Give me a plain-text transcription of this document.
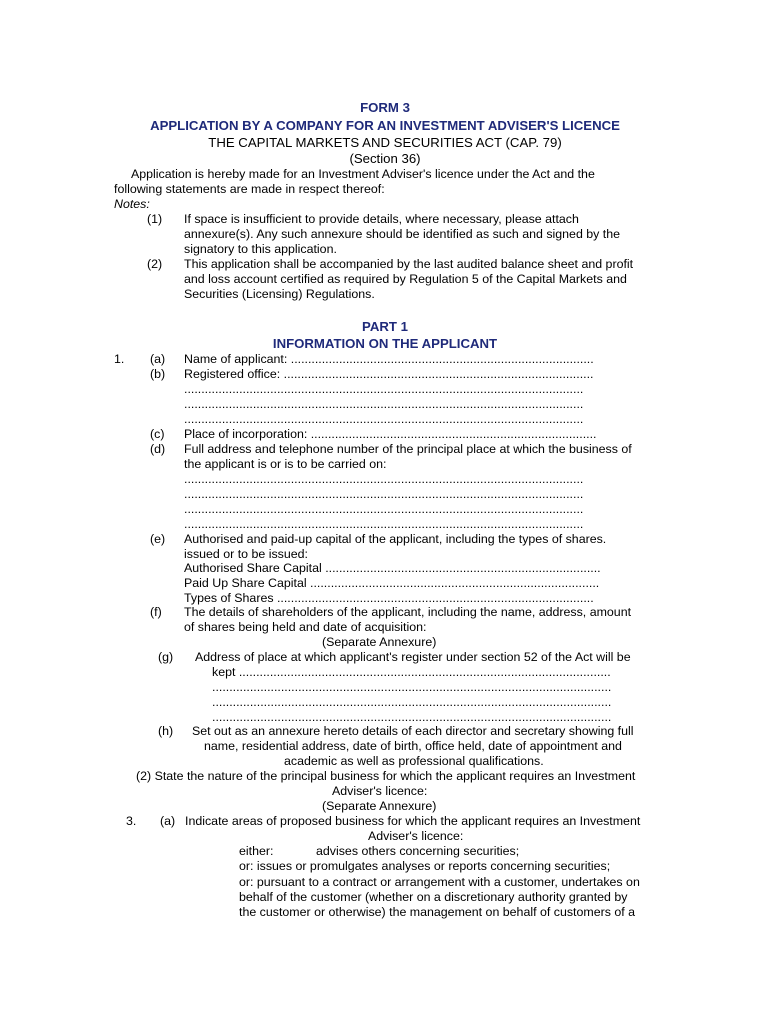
FORM 3
APPLICATION BY A COMPANY FOR AN INVESTMENT ADVISER'S LICENCE
THE CAPITAL MARKETS AND SECURITIES ACT (CAP. 79)
(Section 36)
Application is hereby made for an Investment Adviser's licence under the Act and the
following statements are made in respect thereof:
Notes:
(1) If space is insufficient to provide details, where necessary, please attach
annexure(s). Any such annexure should be identified as such and signed by the
signatory to this application.
(2) This application shall be accompanied by the last audited balance sheet and profit
and loss account certified as required by Regulation 5 of the Capital Markets and
Securities (Licensing) Regulations.
PART 1
INFORMATION ON THE APPLICANT
1. (a) Name of applicant: ........................................................................................
(b) Registered office: ..........................................................................................
....................................................................................................................
....................................................................................................................
....................................................................................................................
(c) Place of incorporation: ...................................................................................
(d) Full address and telephone number of the principal place at which the business of
the applicant is or is to be carried on:
....................................................................................................................
....................................................................................................................
....................................................................................................................
....................................................................................................................
(e) Authorised and paid-up capital of the applicant, including the types of shares.
issued or to be issued:
Authorised Share Capital ................................................................................
Paid Up Share Capital ....................................................................................
Types of Shares ............................................................................................
(f) The details of shareholders of the applicant, including the name, address, amount
of shares being held and date of acquisition:
(Separate Annexure)
(g) Address of place at which applicant's register under section 52 of the Act will be
kept ............................................................................................................
....................................................................................................................
....................................................................................................................
....................................................................................................................
(h) Set out as an annexure hereto details of each director and secretary showing full
name, residential address, date of birth, office held, date of appointment and
academic as well as professional qualifications.
(2) State the nature of the principal business for which the applicant requires an Investment
Adviser's licence:
(Separate Annexure)
3. (a) Indicate areas of proposed business for which the applicant requires an Investment
Adviser's licence:
either:	advises others concerning securities;
or: issues or promulgates analyses or reports concerning securities;
or: pursuant to a contract or arrangement with a customer, undertakes on
behalf of the customer (whether on a discretionary authority granted by
the customer or otherwise) the management on behalf of customers of a
